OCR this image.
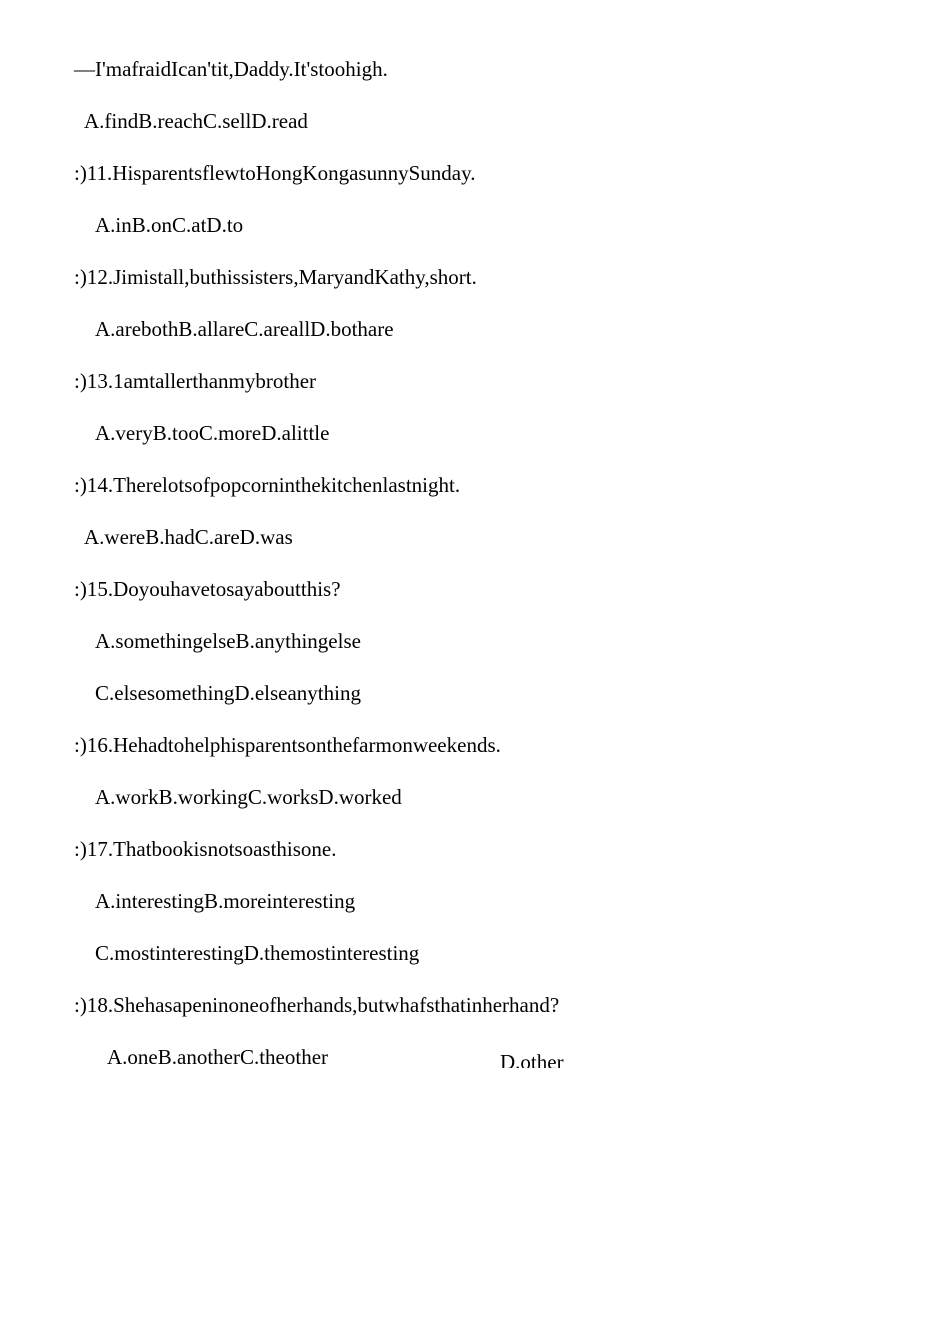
—I'mafraidIcan'tit,Daddy.It'stoohigh.
A.findB.reachC.sellD.read
:)11.HisparentsflewtoHongKongasunnySunday.
A.inB.onC.atD.to
:)12.Jimistall,buthissisters,MaryandKathy,short.
A.arebothB.allareC.areallD.bothare
:)13.1amtallerthanmybrother
A.veryB.tooC.moreD.alittle
:)14.Therelotsofpopcorninthekitchenlastnight.
A.wereB.hadC.areD.was
:)15.Doyouhavetosayaboutthis?
A.somethingelseB.anythingelse
C.elsesomethingD.elseanything
:)16.Hehadtohelphisparentsonthefarmonweekends.
A.workB.workingC.worksD.worked
:)17.Thatbookisnotsoasthisone.
A.interestingB.moreinteresting
C.mostinterestingD.themostinteresting
:)18.Shehasapeninoneofherhands,butwhafsthatinherhand?
A.oneB.anotherC.theother	D.other
